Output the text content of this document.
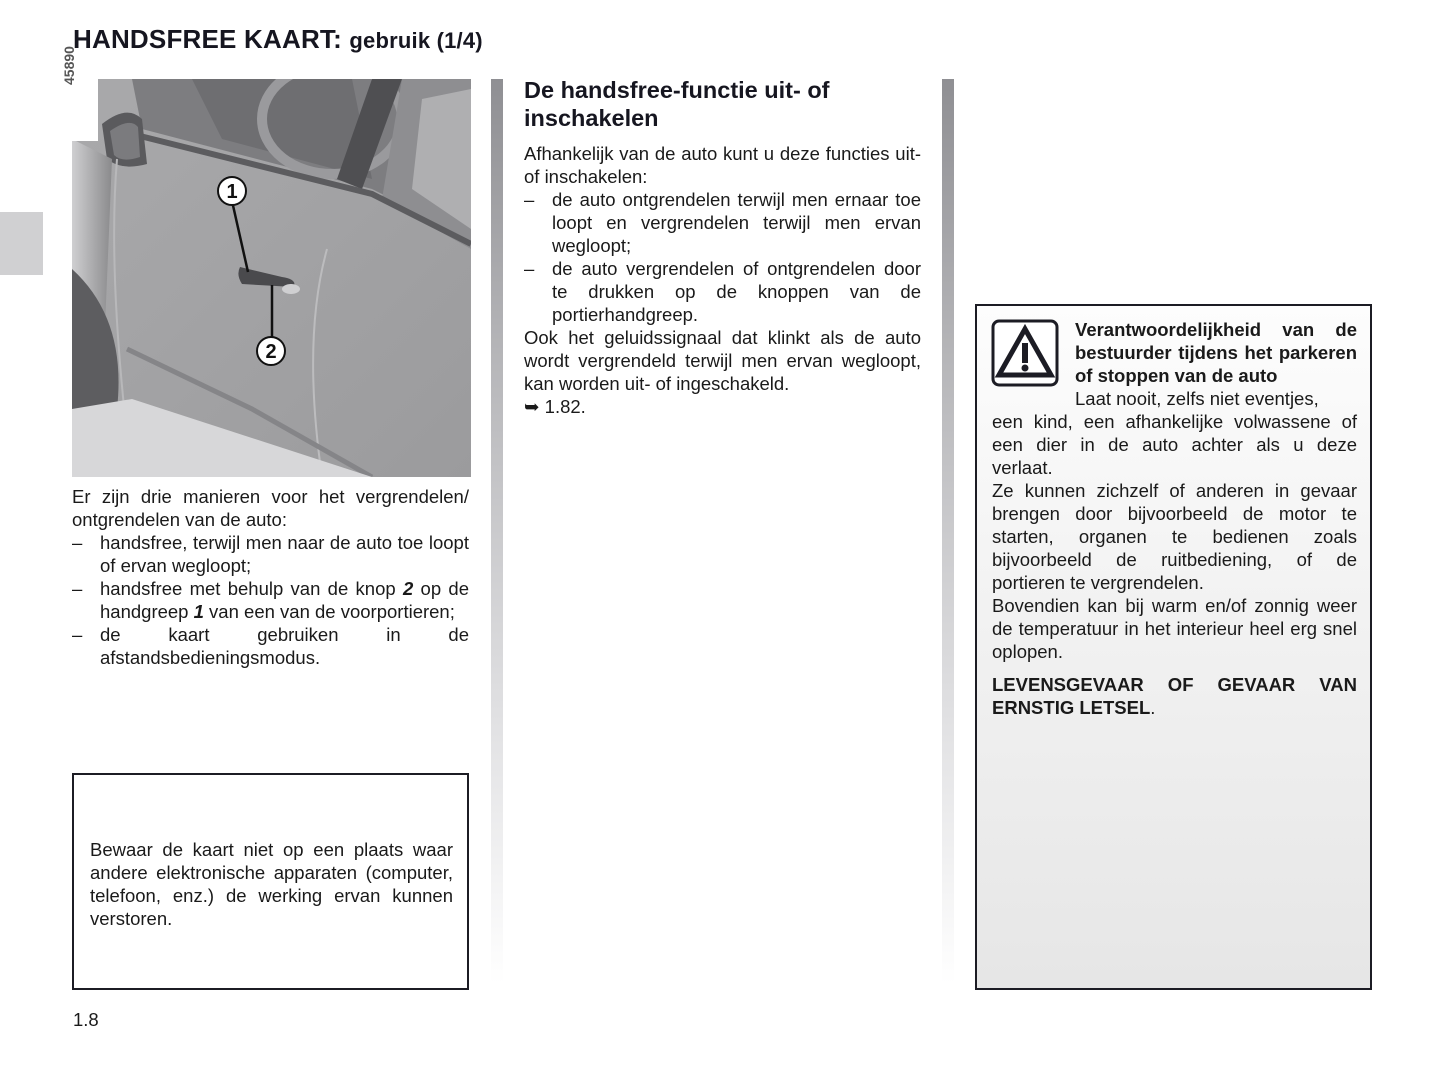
HANDSFREE KAART: gebruik (1/4)
1
2
45890
Er zijn drie manieren voor het vergrendelen/ ontgrendelen van de auto:
– handsfree, terwijl men naar de auto toe loopt of ervan wegloopt;
– handsfree met behulp van de knop 2 op de handgreep 1 van een van de voorportieren;
– de kaart gebruiken in de afstandsbedieningsmodus.
Bewaar de kaart niet op een plaats waar andere elektronische apparaten (computer, telefoon, enz.) de werking ervan kunnen verstoren.
1.8
De handsfree-functie uit- of inschakelen
Afhankelijk van de auto kunt u deze functies uit- of inschakelen:
– de auto ontgrendelen terwijl men ernaar toe loopt en vergrendelen terwijl men ervan wegloopt;
– de auto vergrendelen of ontgrendelen door te drukken op de knoppen van de portierhandgreep.
Ook het geluidssignaal dat klinkt als de auto wordt vergrendeld terwijl men ervan wegloopt, kan worden uit- of ingeschakeld.
➥ 1.82.
Verantwoordelijkheid van de bestuurder tijdens het parkeren of stoppen van de auto
Laat nooit, zelfs niet eventjes,
een kind, een afhankelijke volwassene of een dier in de auto achter als u deze verlaat.
Ze kunnen zichzelf of anderen in gevaar brengen door bijvoorbeeld de motor te starten, organen te bedienen zoals bijvoorbeeld de ruitbediening, of de portieren te vergrendelen.
Bovendien kan bij warm en/of zonnig weer de temperatuur in het interieur heel erg snel oplopen.
LEVENSGEVAAR OF GEVAAR VAN ERNSTIG LETSEL.
